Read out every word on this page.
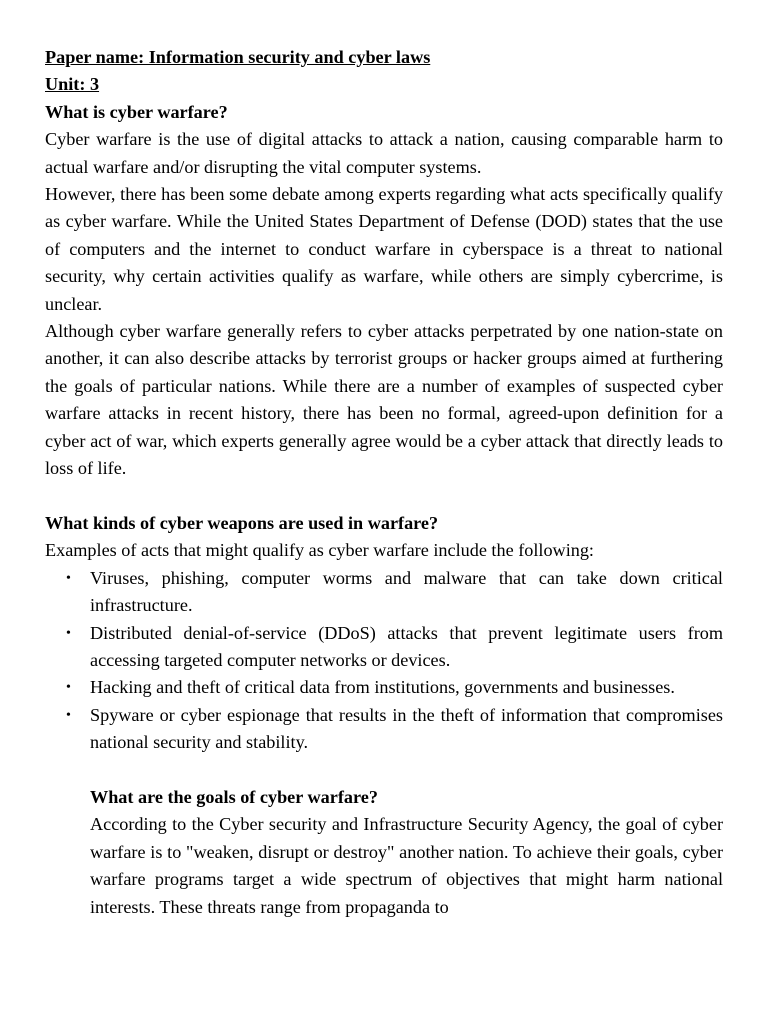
Paper name: Information security and cyber laws
Unit: 3
What is cyber warfare?

Cyber warfare is the use of digital attacks to attack a nation, causing comparable harm to actual warfare and/or disrupting the vital computer systems.

However, there has been some debate among experts regarding what acts specifically qualify as cyber warfare. While the United States Department of Defense (DOD) states that the use of computers and the internet to conduct warfare in cyberspace is a threat to national security, why certain activities qualify as warfare, while others are simply cybercrime, is unclear.

Although cyber warfare generally refers to cyber attacks perpetrated by one nation-state on another, it can also describe attacks by terrorist groups or hacker groups aimed at furthering the goals of particular nations. While there are a number of examples of suspected cyber warfare attacks in recent history, there has been no formal, agreed-upon definition for a cyber act of war, which experts generally agree would be a cyber attack that directly leads to loss of life.

What kinds of cyber weapons are used in warfare?

Examples of acts that might qualify as cyber warfare include the following:

• Viruses, phishing, computer worms and malware that can take down critical infrastructure.
• Distributed denial-of-service (DDoS) attacks that prevent legitimate users from accessing targeted computer networks or devices.
• Hacking and theft of critical data from institutions, governments and businesses.
• Spyware or cyber espionage that results in the theft of information that compromises national security and stability.
What are the goals of cyber warfare?

According to the Cyber security and Infrastructure Security Agency, the goal of cyber warfare is to "weaken, disrupt or destroy" another nation. To achieve their goals, cyber warfare programs target a wide spectrum of objectives that might harm national interests. These threats range from propaganda to
